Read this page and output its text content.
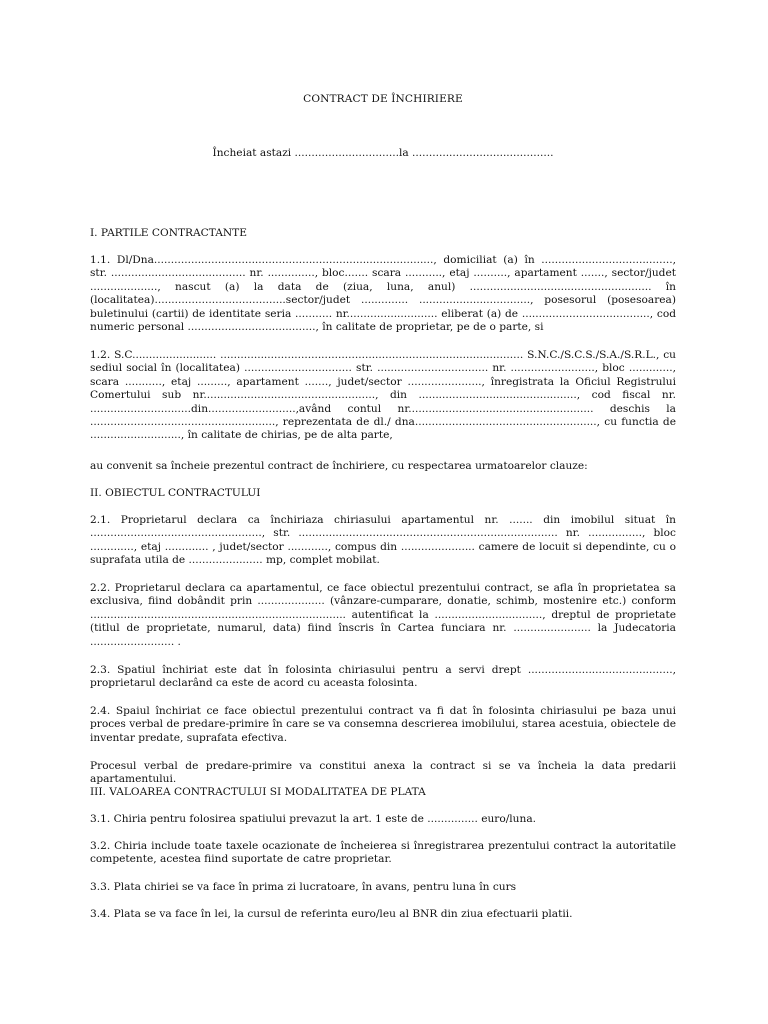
CONTRACT DE ÎNCHIRIERE
Încheiat astazi ...............................la ..........................................
I. PARTILE CONTRACTANTE
1.1. Dl/Dna..................................................................................., domiciliat (a) în ......................................., str. ........................................ nr. .............., bloc....... scara ..........., etaj .........., apartament ......., sector/judet ...................., nascut (a) la data de (ziua, luna, anul) ...................................................... în (localitatea).......................................sector/judet .............. ................................., posesorul (posesoarea) buletinului (cartii) de identitate seria ........... nr........................... eliberat (a) de ......................................, cod numeric personal ......................................, în calitate de proprietar, pe de o parte, si
1.2. S.C......................... .......................................................................................... S.N.C./S.C.S./S.A./S.R.L., cu sediul social în (localitatea) ................................ str. ................................. nr. ........................., bloc ............., scara ..........., etaj ........., apartament ......., judet/sector ......................, înregistrata la Oficiul Registrului Comertului sub nr..................................................., din ..............................................., cod fiscal nr. ..............................din..........................,având contul nr....................................................... deschis la ......................................................., reprezentata de dl./ dna......................................................, cu functia de ..........................., în calitate de chirias, pe de alta parte,
au convenit sa încheie prezentul contract de închiriere, cu respectarea urmatoarelor clauze:
II. OBIECTUL CONTRACTULUI
2.1. Proprietarul declara ca închiriaza chiriasului apartamentul nr. ....... din imobilul situat în ..................................................., str. ............................................................................. nr. ................, bloc ............., etaj ............. , judet/sector ............, compus din ...................... camere de locuit si dependinte, cu o suprafata utila de ...................... mp, complet mobilat.
2.2. Proprietarul declara ca apartamentul, ce face obiectul prezentului contract, se afla în proprietatea sa exclusiva, fiind dobândit prin .................... (vânzare-cumparare, donatie, schimb, mostenire etc.) conform ............................................................................ autentificat la ................................, dreptul de proprietate (titlul de proprietate, numarul, data) fiind înscris în Cartea funciara nr. ....................... la Judecatoria ......................... .
2.3. Spatiul închiriat este dat în folosinta chiriasului pentru a servi drept ..........................................., proprietarul declarând ca este de acord cu aceasta folosinta.
2.4. Spaiul închiriat ce face obiectul prezentului contract va fi dat în folosinta chiriasului pe baza unui proces verbal de predare-primire în care se va consemna descrierea imobilului, starea acestuia, obiectele de inventar predate, suprafata efectiva.
Procesul verbal de predare-primire va constitui anexa la contract si se va încheia la data predarii apartamentului.
III. VALOAREA CONTRACTULUI SI MODALITATEA DE PLATA
3.1. Chiria pentru folosirea spatiului prevazut la art. 1 este de ............... euro/luna.
3.2. Chiria include toate taxele ocazionate de încheierea si înregistrarea prezentului contract la autoritatile competente, acestea fiind suportate de catre proprietar.
3.3. Plata chiriei se va face în prima zi lucratoare, în avans, pentru luna în curs
3.4. Plata se va face în lei, la cursul de referinta euro/leu al BNR din ziua efectuarii platii.
